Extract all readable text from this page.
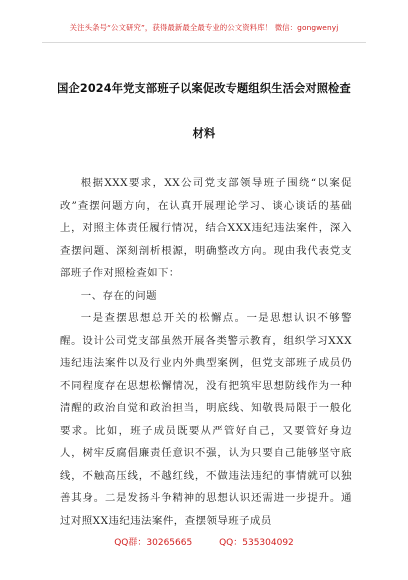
关注头条号“公文研究”，获得最新最全最专业的公文资料库！ 微信：gongwenyj
国企2024年党支部班子以案促改专题组织生活会对照检查
材料

根据XXX要求，XX公司党支部领导班子围绕“以案促改”查摆问题方向，在认真开展理论学习、谈心谈话的基础上，对照主体责任履行情况，结合XXX违纪违法案件，深入查摆问题、深刻剖析根源，明确整改方向。现由我代表党支部班子作对照检查如下：

一、存在的问题

一是查摆思想总开关的松懈点。一是思想认识不够警醒。设计公司党支部虽然开展各类警示教育，组织学习XXX违纪违法案件以及行业内外典型案例，但党支部班子成员仍不同程度存在思想松懈情况，没有把筑牢思想防线作为一种清醒的政治自觉和政治担当，明底线、知敬畏局限于一般化要求。比如，班子成员既要从严管好自己，又要管好身边人，树牢反腐倡廉责任意识不强，认为只要自己能够坚守底线，不触高压线，不越红线，不做违法违纪的事情就可以独善其身。二是发扬斗争精神的思想认识还需进一步提升。通过对照XX违纪违法案件，查摆领导班子成员

QQ群：30265665	QQ：535304092
